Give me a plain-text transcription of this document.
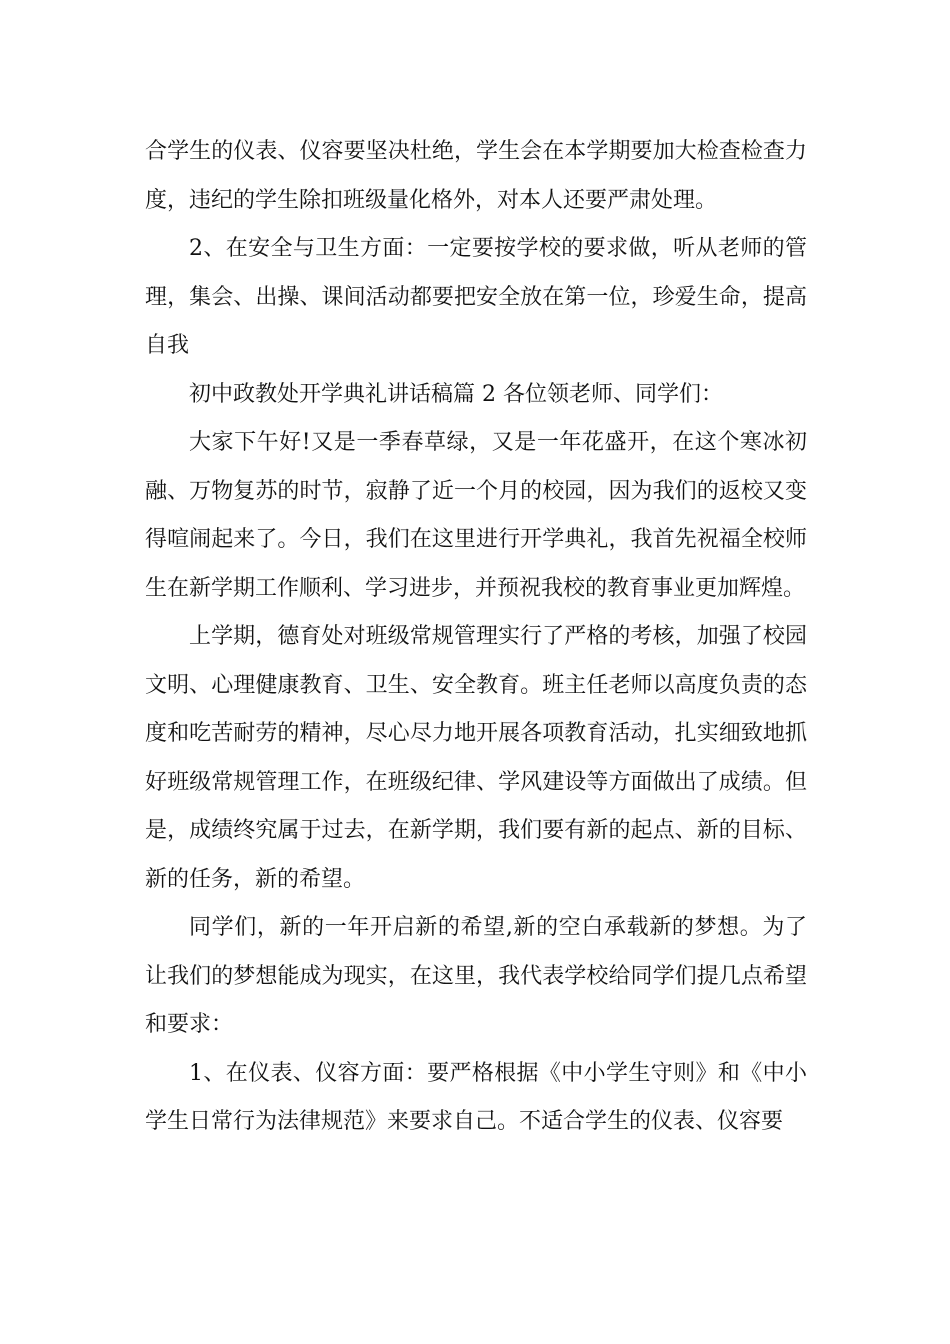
合学生的仪表、仪容要坚决杜绝，学生会在本学期要加大检查检查力度，违纪的学生除扣班级量化格外，对本人还要严肃处理。

2、在安全与卫生方面：一定要按学校的要求做，听从老师的管理，集会、出操、课间活动都要把安全放在第一位，珍爱生命，提高自我

初中政教处开学典礼讲话稿篇 2 各位领老师、同学们：

大家下午好!又是一季春草绿，又是一年花盛开，在这个寒冰初融、万物复苏的时节，寂静了近一个月的校园，因为我们的返校又变得喧闹起来了。今日，我们在这里进行开学典礼，我首先祝福全校师生在新学期工作顺利、学习进步，并预祝我校的教育事业更加辉煌。

上学期，德育处对班级常规管理实行了严格的考核，加强了校园文明、心理健康教育、卫生、安全教育。班主任老师以高度负责的态度和吃苦耐劳的精神，尽心尽力地开展各项教育活动，扎实细致地抓好班级常规管理工作，在班级纪律、学风建设等方面做出了成绩。但是，成绩终究属于过去，在新学期，我们要有新的起点、新的目标、新的任务，新的希望。

同学们，新的一年开启新的希望,新的空白承载新的梦想。为了让我们的梦想能成为现实，在这里，我代表学校给同学们提几点希望和要求：

1、在仪表、仪容方面：要严格根据《中小学生守则》和《中小学生日常行为法律规范》来要求自己。不适合学生的仪表、仪容要
